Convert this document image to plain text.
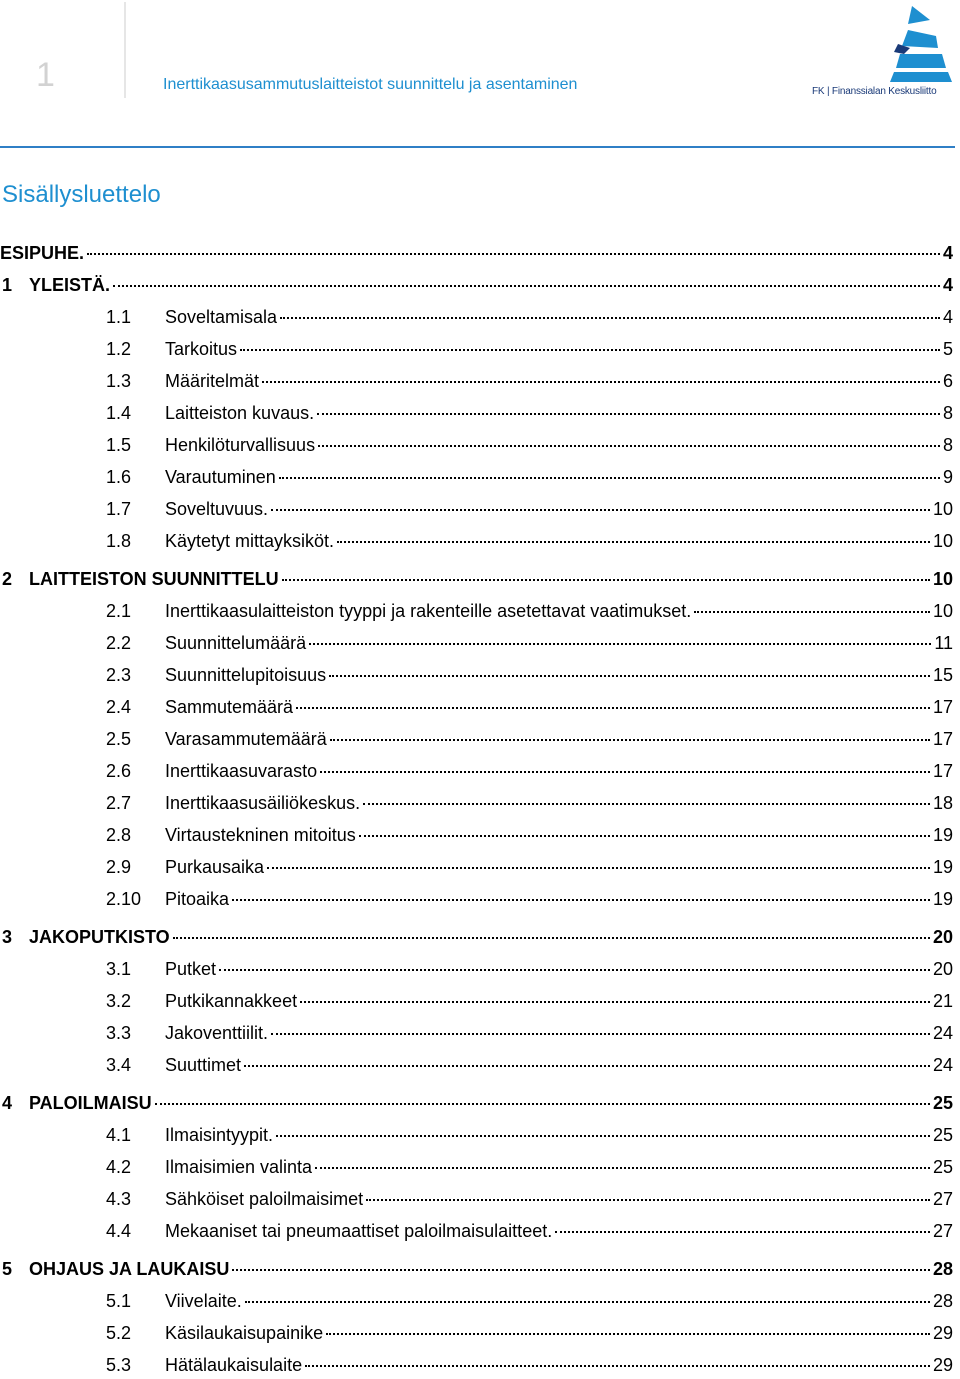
1	Inerttikaasusammutuslaitteistot suunnittelu ja asentaminen	FK | Finanssialan Keskusliitto
Sisällysluettelo
ESIPUHE.	4
1 YLEISTÄ.	4
1.1	Soveltamisala	4
1.2	Tarkoitus	5
1.3	Määritelmät	6
1.4	Laitteiston kuvaus.	8
1.5	Henkilöturvallisuus	8
1.6	Varautuminen	9
1.7	Soveltuvuus.	10
1.8	Käytetyt mittayksiköt.	10
2 LAITTEISTON SUUNNITTELU	10
2.1	Inerttikaasulaitteiston tyyppi ja rakenteille asetettavat vaatimukset.	10
2.2	Suunnittelumäärä	11
2.3	Suunnittelupitoisuus	15
2.4	Sammutemäärä	17
2.5	Varasammutemäärä	17
2.6	Inerttikaasuvarasto	17
2.7	Inerttikaasusäiliökeskus.	18
2.8	Virtaustekninen mitoitus	19
2.9	Purkausaika	19
2.10	Pitoaika	19
3 JAKOPUTKISTO	20
3.1	Putket	20
3.2	Putkikannakkeet	21
3.3	Jakoventtiilit.	24
3.4	Suuttimet	24
4 PALOILMAISU	25
4.1	Ilmaisintyypit.	25
4.2	Ilmaisimien valinta	25
4.3	Sähköiset paloilmaisimet	27
4.4	Mekaaniset tai pneumaattiset paloilmaisulaitteet.	27
5 OHJAUS JA LAUKAISU	28
5.1	Viivelaite.	28
5.2	Käsilaukaisupainike	29
5.3	Hätälaukaisulaite	29
